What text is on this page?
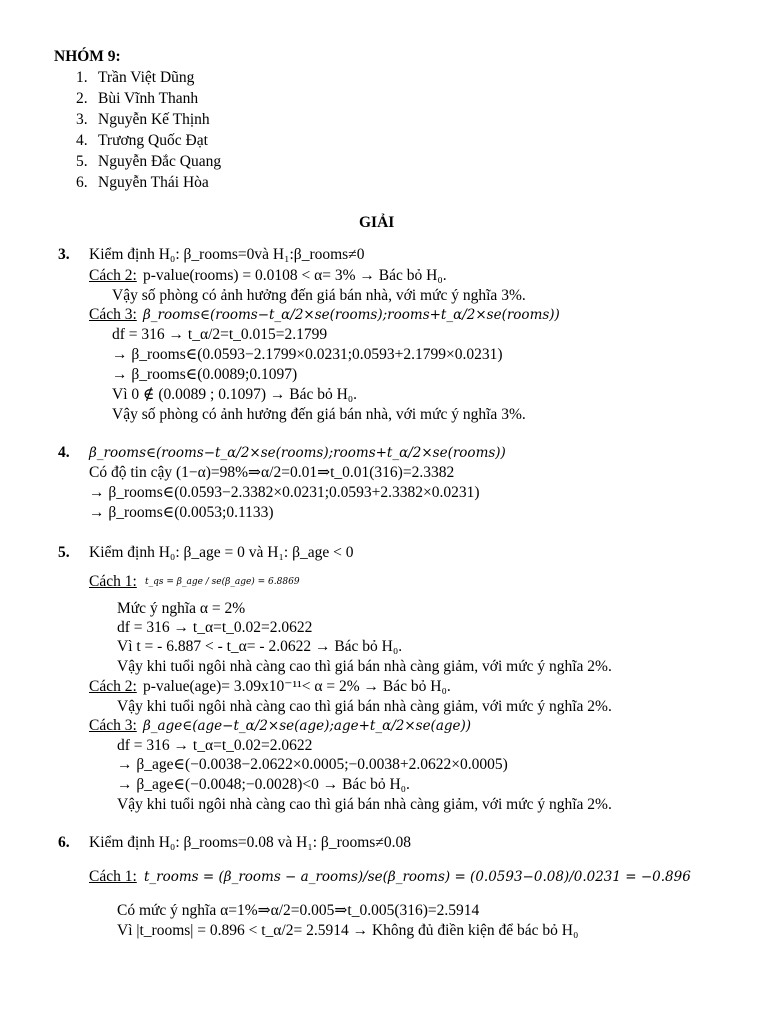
NHÓM 9:
1. Trần Việt Dũng
2. Bùi Vĩnh Thanh
3. Nguyễn Kế Thịnh
4. Trương Quốc Đạt
5. Nguyễn Đắc Quang
6. Nguyễn Thái Hòa
GIẢI
3. Kiểm định H₀: β_rooms=0và H₁:β_rooms≠0
Cách 2: p-value(rooms) = 0.0108 < α= 3% → Bác bỏ H₀.
Vậy số phòng có ảnh hưởng đến giá bán nhà, với mức ý nghĩa 3%.
Cách 3: β_rooms∈(rooms−t_α/2×se(rooms);rooms+t_α/2×se(rooms))
df = 316 → t_α/2=t_0.015=2.1799
→ β_rooms∈(0.0593−2.1799×0.0231;0.0593+2.1799×0.0231)
→ β_rooms∈(0.0089;0.1097)
Vì 0 ∉ (0.0089 ; 0.1097) → Bác bỏ H₀.
Vậy số phòng có ảnh hưởng đến giá bán nhà, với mức ý nghĩa 3%.
4. β_rooms∈(rooms−t_α/2×se(rooms);rooms+t_α/2×se(rooms))
Có độ tin cậy (1−α)=98%⇒α/2=0.01⇒t_0.01(316)=2.3382
→ β_rooms∈(0.0593−2.3382×0.0231;0.0593+2.3382×0.0231)
→ β_rooms∈(0.0053;0.1133)
5. Kiểm định H₀: β_age = 0 và H₁: β_age < 0
Cách 1: t_qs = β_age / se(β_age) = 6.8869
Mức ý nghĩa α = 2%
df = 316 → t_α=t_0.02=2.0622
Vì t = - 6.887 < - t_α= - 2.0622 → Bác bỏ H₀.
Vậy khi tuổi ngôi nhà càng cao thì giá bán nhà càng giảm, với mức ý nghĩa 2%.
Cách 2: p-value(age)= 3.09x10⁻¹¹< α = 2% → Bác bỏ H₀.
Vậy khi tuổi ngôi nhà càng cao thì giá bán nhà càng giảm, với mức ý nghĩa 2%.
Cách 3: β_age∈(age−t_α/2×se(age);age+t_α/2×se(age))
df = 316 → t_α=t_0.02=2.0622
→ β_age∈(−0.0038−2.0622×0.0005;−0.0038+2.0622×0.0005)
→ β_age∈(−0.0048;−0.0028)<0 → Bác bỏ H₀.
Vậy khi tuổi ngôi nhà càng cao thì giá bán nhà càng giảm, với mức ý nghĩa 2%.
6. Kiểm định H₀: β_rooms=0.08 và H₁: β_rooms≠0.08
Cách 1: t_rooms = (β_rooms − a_rooms)/se(β_rooms) = (0.0593−0.08)/0.0231 = −0.896
Có mức ý nghĩa α=1%⇒α/2=0.005⇒t_0.005(316)=2.5914
Vì |t_rooms| = 0.896 < t_α/2= 2.5914 → Không đủ điền kiện để bác bỏ H₀
